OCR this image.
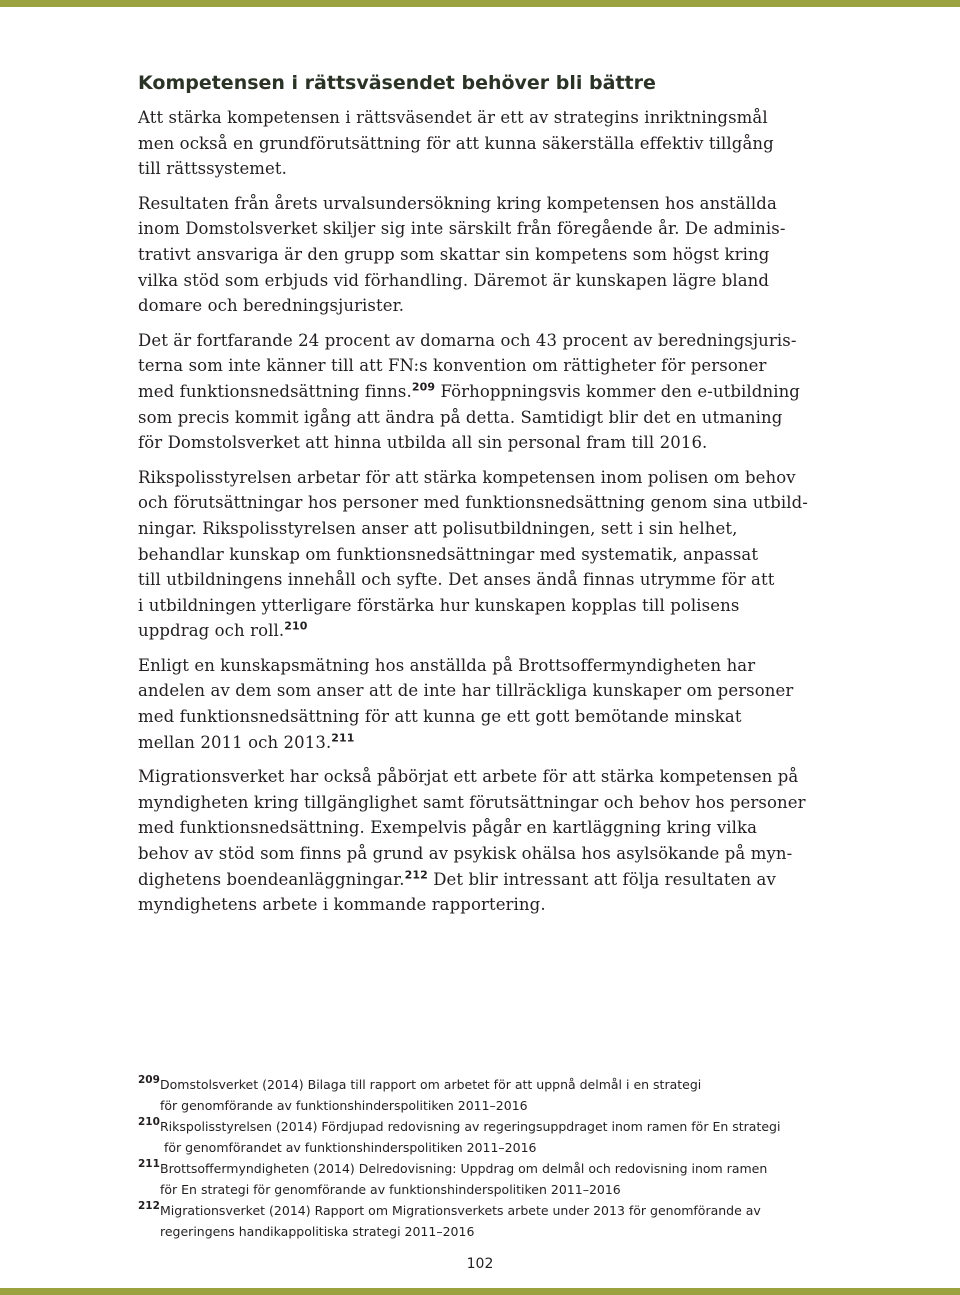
Kompetensen i rättsväsendet behöver bli bättre

Att stärka kompetensen i rättsväsendet är ett av strategins inriktningsmål
men också en grundförutsättning för att kunna säkerställa effektiv tillgång
till rättssystemet.

Resultaten från årets urvalsundersökning kring kompetensen hos anställda
inom Domstolsverket skiljer sig inte särskilt från föregående år. De adminis-
trativt ansvariga är den grupp som skattar sin kompetens som högst kring
vilka stöd som erbjuds vid förhandling. Däremot är kunskapen lägre bland
domare och beredningsjurister.

Det är fortfarande 24 procent av domarna och 43 procent av beredningsjuris-
terna som inte känner till att FN:s konvention om rättigheter för personer
med funktionsnedsättning finns.$^{209}$ Förhoppningsvis kommer den e-utbildning
som precis kommit igång att ändra på detta. Samtidigt blir det en utmaning
för Domstolsverket att hinna utbilda all sin personal fram till 2016.

Rikspolisstyrelsen arbetar för att stärka kompetensen inom polisen om behov
och förutsättningar hos personer med funktionsnedsättning genom sina utbild-
ningar. Rikspolisstyrelsen anser att polisutbildningen, sett i sin helhet,
behandlar kunskap om funktionsnedsättningar med systematik, anpassat
till utbildningens innehåll och syfte. Det anses ändå finnas utrymme för att
i utbildningen ytterligare förstärka hur kunskapen kopplas till polisens
uppdrag och roll.$^{210}$

Enligt en kunskapsmätning hos anställda på Brottsoffermyndigheten har
andelen av dem som anser att de inte har tillräckliga kunskaper om personer
med funktionsnedsättning för att kunna ge ett gott bemötande minskat
mellan 2011 och 2013.$^{211}$

Migrationsverket har också påbörjat ett arbete för att stärka kompetensen på
myndigheten kring tillgänglighet samt förutsättningar och behov hos personer
med funktionsnedsättning. Exempelvis pågår en kartläggning kring vilka
behov av stöd som finns på grund av psykisk ohälsa hos asylsökande på myn-
dighetens boendeanläggningar.$^{212}$ Det blir intressant att följa resultaten av
myndighetens arbete i kommande rapportering.

209 Domstolsverket (2014) Bilaga till rapport om arbetet för att uppnå delmål i en strategi
för genomförande av funktionshinderspolitiken 2011–2016
210 Rikspolisstyrelsen (2014) Fördjupad redovisning av regeringsuppdraget inom ramen för En strategi
för genomförandet av funktionshinderspolitiken 2011–2016
211 Brottsoffermyndigheten (2014) Delredovisning: Uppdrag om delmål och redovisning inom ramen
för En strategi för genomförande av funktionshinderspolitiken 2011–2016
212 Migrationsverket (2014) Rapport om Migrationsverkets arbete under 2013 för genomförande av
regeringens handikappolitiska strategi 2011–2016
102
